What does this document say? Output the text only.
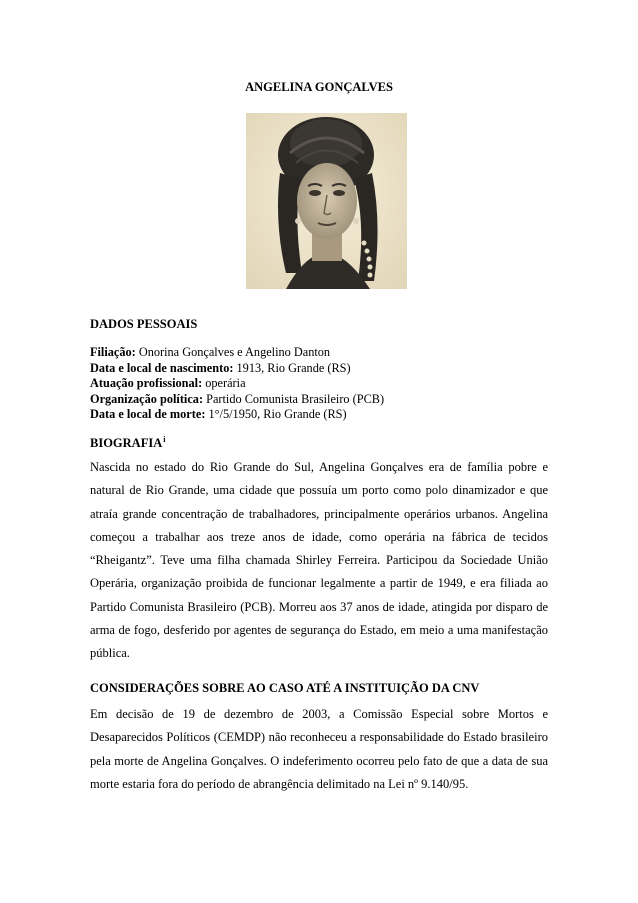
ANGELINA GONÇALVES
DADOS PESSOAIS
Filiação: Onorina Gonçalves e Angelino Danton
Data e local de nascimento: 1913, Rio Grande (RS)
Atuação profissional: operária
Organização política: Partido Comunista Brasileiro (PCB)
Data e local de morte: 1°/5/1950, Rio Grande (RS)
BIOGRAFIA$^i$
Nascida no estado do Rio Grande do Sul, Angelina Gonçalves era de família pobre e natural de Rio Grande, uma cidade que possuía um porto como polo dinamizador e que atraía grande concentração de trabalhadores, principalmente operários urbanos. Angelina começou a trabalhar aos treze anos de idade, como operária na fábrica de tecidos “Rheigantz”. Teve uma filha chamada Shirley Ferreira. Participou da Sociedade União Operária, organização proibida de funcionar legalmente a partir de 1949, e era filiada ao Partido Comunista Brasileiro (PCB). Morreu aos 37 anos de idade, atingida por disparo de arma de fogo, desferido por agentes de segurança do Estado, em meio a uma manifestação pública.
CONSIDERAÇÕES SOBRE AO CASO ATÉ A INSTITUIÇÃO DA CNV
Em decisão de 19 de dezembro de 2003, a Comissão Especial sobre Mortos e Desaparecidos Políticos (CEMDP) não reconheceu a responsabilidade do Estado brasileiro pela morte de Angelina Gonçalves. O indeferimento ocorreu pelo fato de que a data de sua morte estaria fora do período de abrangência delimitado na Lei nº 9.140/95.
